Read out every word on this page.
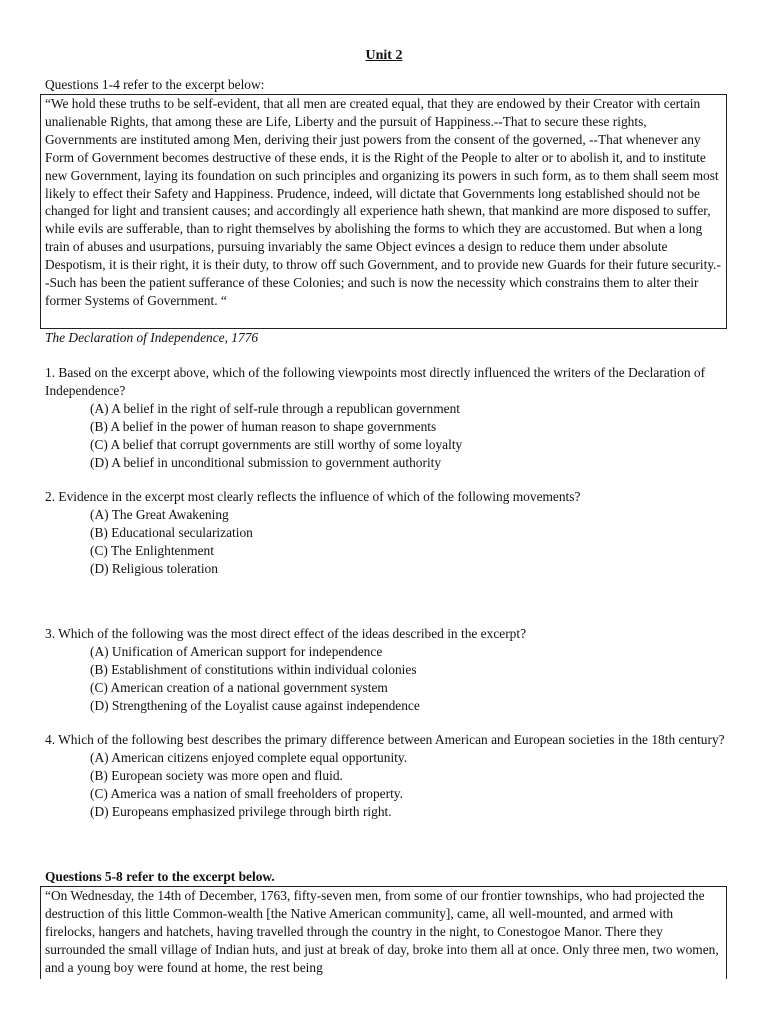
Unit 2
Questions 1-4 refer to the excerpt below:

“We hold these truths to be self-evident, that all men are created equal, that they are endowed by their Creator with certain unalienable Rights, that among these are Life, Liberty and the pursuit of Happiness.--That to secure these rights, Governments are instituted among Men, deriving their just powers from the consent of the governed, --That whenever any Form of Government becomes destructive of these ends, it is the Right of the People to alter or to abolish it, and to institute new Government, laying its foundation on such principles and organizing its powers in such form, as to them shall seem most likely to effect their Safety and Happiness. Prudence, indeed, will dictate that Governments long established should not be changed for light and transient causes; and accordingly all experience hath shewn, that mankind are more disposed to suffer, while evils are sufferable, than to right themselves by abolishing the forms to which they are accustomed. But when a long train of abuses and usurpations, pursuing invariably the same Object evinces a design to reduce them under absolute Despotism, it is their right, it is their duty, to throw off such Government, and to provide new Guards for their future security.--Such has been the patient sufferance of these Colonies; and such is now the necessity which constrains them to alter their former Systems of Government. “

The Declaration of Independence, 1776

1. Based on the excerpt above, which of the following viewpoints most directly influenced the writers of the Declaration of Independence?

(A) A belief in the right of self-rule through a republican government
(B) A belief in the power of human reason to shape governments
(C) A belief that corrupt governments are still worthy of some loyalty
(D) A belief in unconditional submission to government authority

2. Evidence in the excerpt most clearly reflects the influence of which of the following movements?

(A) The Great Awakening
(B) Educational secularization
(C) The Enlightenment
(D) Religious toleration

3. Which of the following was the most direct effect of the ideas described in the excerpt?

(A) Unification of American support for independence
(B) Establishment of constitutions within individual colonies
(C) American creation of a national government system
(D) Strengthening of the Loyalist cause against independence

4. Which of the following best describes the primary difference between American and European societies in the 18th century?

(A) American citizens enjoyed complete equal opportunity.
(B) European society was more open and fluid.
(C) America was a nation of small freeholders of property.
(D) Europeans emphasized privilege through birth right.
Questions 5-8 refer to the excerpt below.

“On Wednesday, the 14th of December, 1763, fifty-seven men, from some of our frontier townships, who had projected the destruction of this little Common-wealth [the Native American community], came, all well-mounted, and armed with firelocks, hangers and hatchets, having travelled through the country in the night, to Conestogoe Manor. There they surrounded the small village of Indian huts, and just at break of day, broke into them all at once. Only three men, two women, and a young boy were found at home, the rest being
